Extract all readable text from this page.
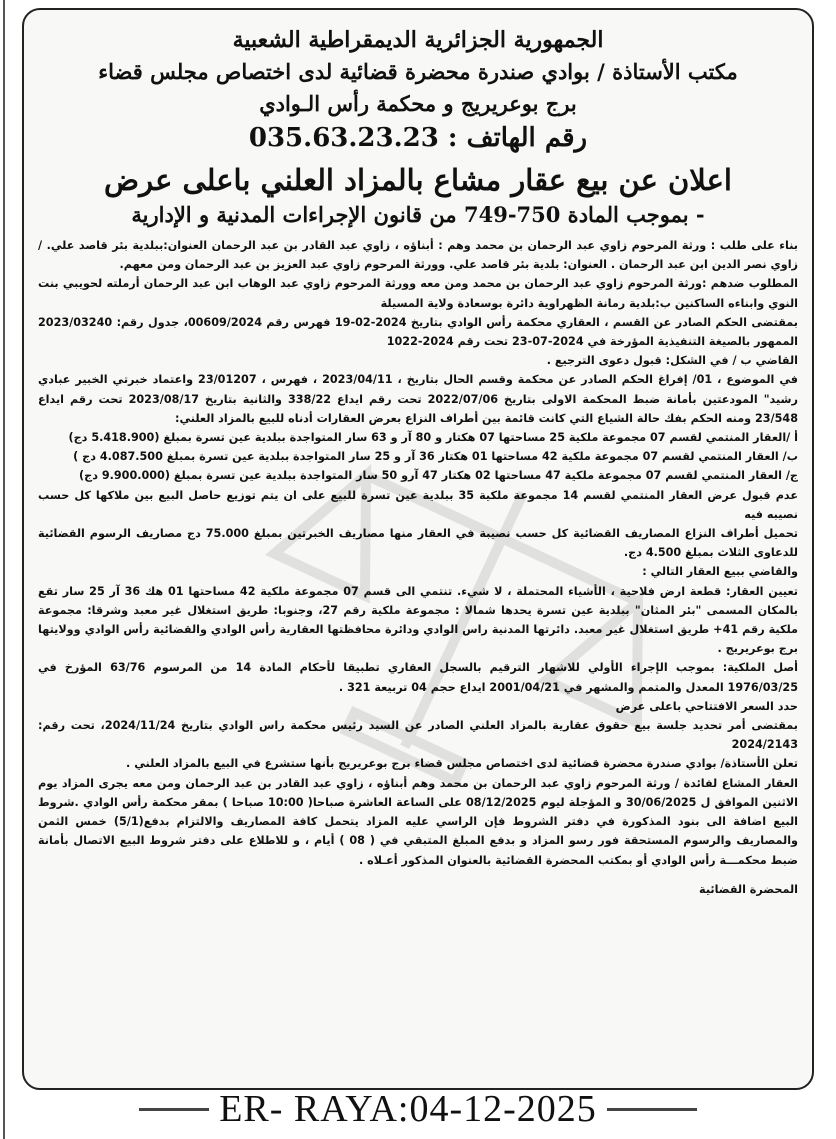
الجمهورية الجزائرية الديمقراطية الشعبية

مكتب الأستاذة / بوادي صندرة محضرة قضائية لدى اختصاص مجلس قضاء

برج بوعريريج و محكمة رأس الـوادي

رقم الهاتف : 035.63.23.23

اعلان عن بيع عقار مشاع بالمزاد العلني باعلى عرض

- بموجب المادة 750-749 من قانون الإجراءات المدنية و الإدارية

بناء على طلب : ورثة المرحوم زاوي عبد الرحمان بن محمد وهم : أبناؤه ، زاوي عبد القادر بن عبد الرحمان العنوان:ببلدية بئر قاصد علي. /زاوي نصر الدين ابن عبد الرحمان . العنوان: بلدية بئر قاصد علي. وورثة المرحوم زاوي عبد العزيز بن عبد الرحمان ومن معهم.

المطلوب ضدهم :ورثة المرحوم زاوي عبد الرحمان بن محمد ومن معه وورثة المرحوم زاوي عبد الوهاب ابن عبد الرحمان أرملته لحويبي بنت النوي وابناءه الساكنين ب:بلدية رمانة الظهراوية دائرة بوسعادة ولاية المسيلة

بمقتضى الحكم الصادر عن القسم ، العقاري محكمة رأس الوادي بتاريخ 2024-02-19 فهرس رقم 00609/2024، جدول رقم: 2023/03240 الممهور بالصيغة التنفيذية المؤرخة في 2024-07-23 تحت رقم 2024-1022

القاضي ب / في الشكل: قبول دعوى الترجيع .

في الموضوع ، 01/ إفراغ الحكم الصادر عن محكمة وقسم الحال بتاريخ ، 2023/04/11 ، فهرس ، 23/01207 واعتماد خبرتي الخبير عبادي رشيد" المودعتين بأمانة ضبط المحكمة الاولى بتاريخ 2022/07/06 تحت رقم ايداع 338/22 والثانية بتاريخ 2023/08/17 تحت رقم ايداع 23/548 ومنه الحكم بفك حالة الشياع التي كانت قائمة بين أطراف النزاع بعرض العقارات أدناه للبيع بالمزاد العلني:

أ /العقار المنتمي لقسم 07 مجموعة ملكية 25 مساحتها 07 هكتار و 80 آر و 63 سار المتواجدة ببلدية عين تسرة بمبلغ (5.418.900 دج)

ب/ العقار المنتمي لقسم 07 مجموعة ملكية 42 مساحتها 01 هكتار 36 آر و 25 سار المتواجدة ببلدية عين تسرة بمبلغ 4.087.500 دج )

ج/ العقار المنتمي لقسم 07 مجموعة ملكية 47 مساحتها 02 هكتار 47 آرو 50 سار المتواجدة ببلدية عين تسرة بمبلغ (9.900.000 دج)

عدم قبول عرض العقار المنتمي لقسم 14 مجموعة ملكية 35 ببلدية عين تسرة للبيع على ان يتم توزيع حاصل البيع بين ملاكها كل حسب نصيبه فيه

تحميل أطراف النزاع المصاريف القضائية كل حسب نصيبة في العقار منها مصاريف الخبرتين بمبلغ 75.000 دج مصاريف الرسوم القضائية للدعاوى الثلاث بمبلغ 4.500 دج.

والقاضي ببيع العقار التالي :

تعيين العقار: قطعة ارض فلاحية ، الأشياء المحتملة ، لا شيء. تنتمي الى قسم 07 مجموعة ملكية 42 مساحتها 01 هك 36 آر 25 سار تقع بالمكان المسمى "بئر المثان" ببلدية عين تسرة يحدها شمالا : مجموعة ملكية رقم 27، وجنوبا: طريق استغلال غير معبد وشرقا: مجموعة ملكية رقم 41+ طريق استغلال غير معبد. دائرتها المدنية راس الوادي ودائرة محافظتها العقارية رأس الوادي والقضائية رأس الوادي وولايتها برج بوعريريج .

أصل الملكية: بموجب الإجراء الأولي للاشهار الترقيم بالسجل العقاري تطبيقا لأحكام المادة 14 من المرسوم 63/76 المؤرخ في 1976/03/25 المعدل والمتمم والمشهر في 2001/04/21 ايداع حجم 04 تربيعة 321 .

حدد السعر الافتتاحي باعلى عرض

بمقتضى أمر تحديد جلسة بيع حقوق عقارية بالمزاد العلني الصادر عن السيد رئيس محكمة راس الوادي بتاريخ 2024/11/24، تحت رقم: 2024/2143

تعلن الأستاذة/ بوادي صندرة محضرة قضائية لدى اختصاص مجلس قضاء برج بوعريريج بأنها ستشرع في البيع بالمزاد العلني .

العقار المشاع لفائدة / ورثة المرحوم زاوي عبد الرحمان بن محمد وهم أبناؤه ، زاوي عبد القادر بن عبد الرحمان ومن معه يجرى المزاد يوم الاثنين الموافق ل 30/06/2025 و المؤجلة ليوم 08/12/2025 على الساعة العاشرة صباحا( 10:00 صباحا ) بمقر محكمة رأس الوادي .شروط البيع اضافة الى بنود المذكورة في دفتر الشروط فإن الراسي عليه المزاد يتحمل كافة المصاريف والالتزام بدفع(5/1) خمس الثمن والمصاريف والرسوم المستحقة فور رسو المزاد و بدفع المبلغ المتبقي في ( 08 ) أيام ، و للاطلاع على دفتر شروط البيع الاتصال بأمانة ضبط محكمـــة رأس الوادي أو بمكتب المحضرة القضائية بالعنوان المذكور أعـلاه .

المحضرة القضائية

ER- RAYA:04-12-2025
